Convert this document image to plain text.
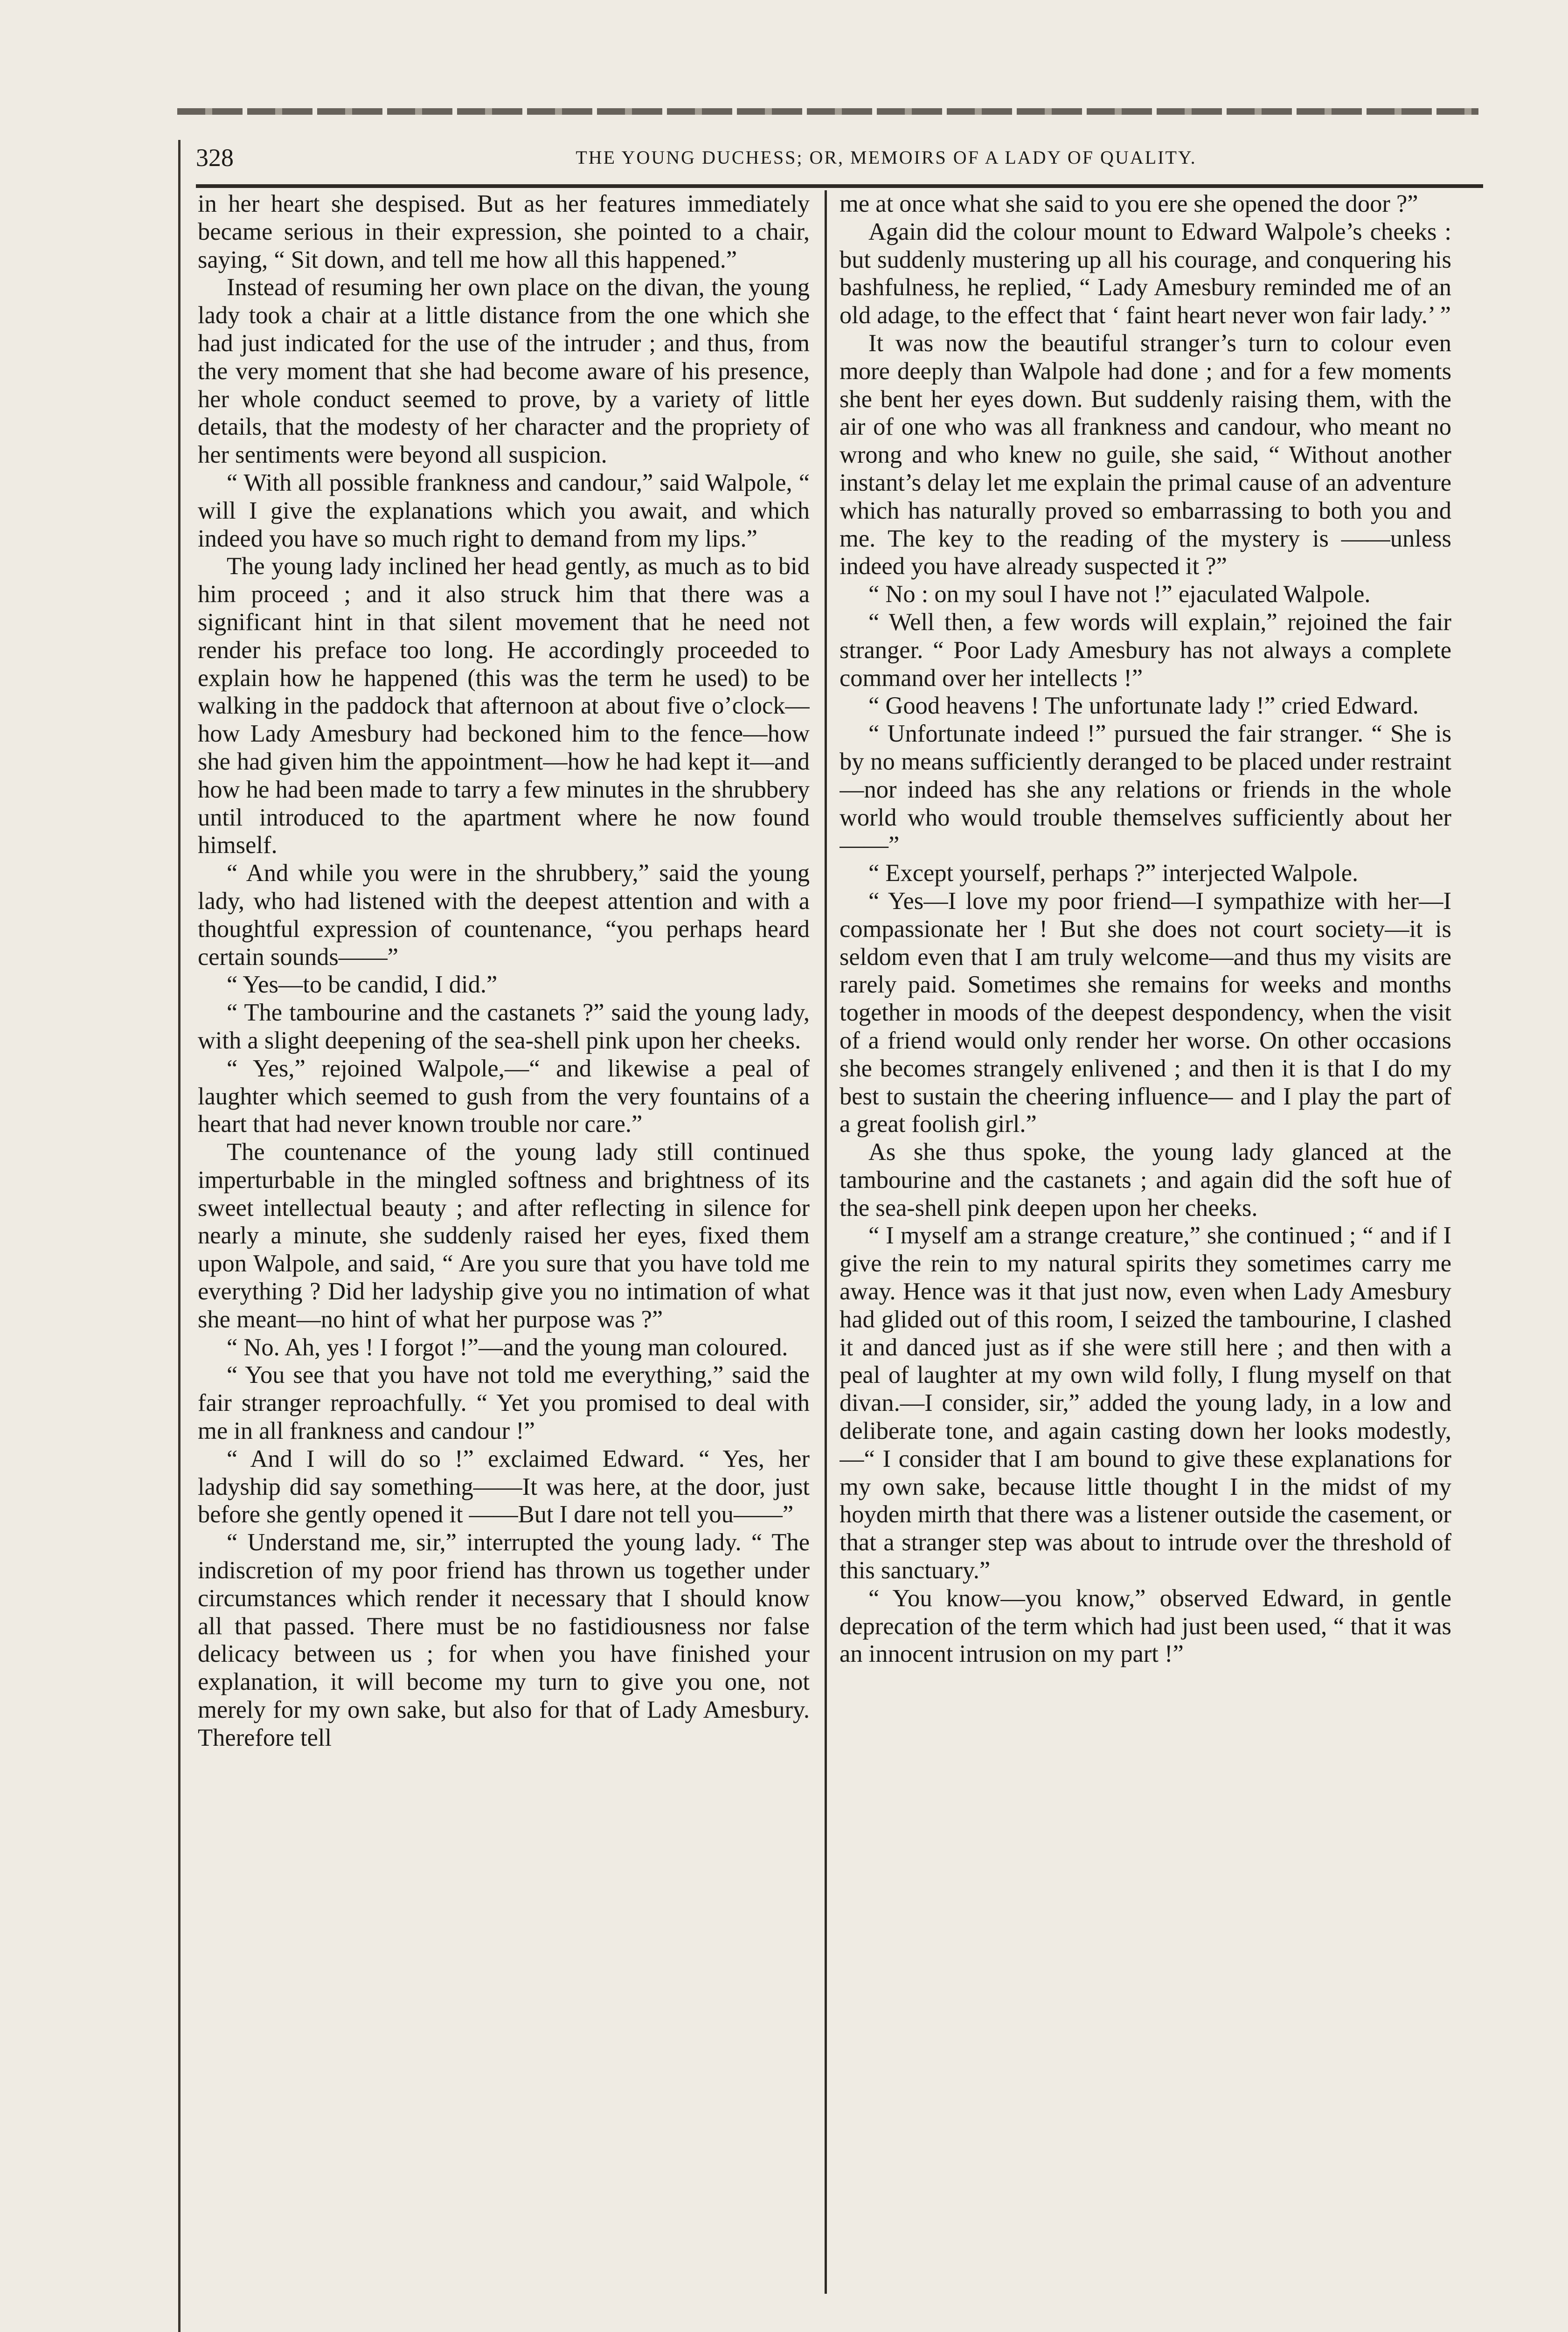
328	THE YOUNG DUCHESS; OR, MEMOIRS OF A LADY OF QUALITY.

in her heart she despised. But as her features immediately became serious in their expression, she pointed to a chair, saying, “ Sit down, and tell me how all this happened.”

Instead of resuming her own place on the divan, the young lady took a chair at a little distance from the one which she had just indicated for the use of the intruder ; and thus, from the very moment that she had become aware of his presence, her whole conduct seemed to prove, by a variety of little details, that the modesty of her character and the propriety of her sentiments were beyond all suspicion.

“ With all possible frankness and candour,” said Walpole, “ will I give the explanations which you await, and which indeed you have so much right to demand from my lips.”

The young lady inclined her head gently, as much as to bid him proceed ; and it also struck him that there was a significant hint in that silent movement that he need not render his preface too long. He accordingly proceeded to explain how he happened (this was the term he used) to be walking in the paddock that afternoon at about five o’clock—how Lady Amesbury had beckoned him to the fence—how she had given him the appointment—how he had kept it—and how he had been made to tarry a few minutes in the shrubbery until introduced to the apartment where he now found himself.

“ And while you were in the shrubbery,” said the young lady, who had listened with the deepest attention and with a thoughtful expression of countenance, “you perhaps heard certain sounds——”

“ Yes—to be candid, I did.”

“ The tambourine and the castanets ?” said the young lady, with a slight deepening of the sea-shell pink upon her cheeks.

“ Yes,” rejoined Walpole,—“ and likewise a peal of laughter which seemed to gush from the very fountains of a heart that had never known trouble nor care.”

The countenance of the young lady still continued imperturbable in the mingled softness and brightness of its sweet intellectual beauty ; and after reflecting in silence for nearly a minute, she suddenly raised her eyes, fixed them upon Walpole, and said, “ Are you sure that you have told me everything ? Did her ladyship give you no intimation of what she meant—no hint of what her purpose was ?”

“ No. Ah, yes ! I forgot !”—and the young man coloured.

“ You see that you have not told me everything,” said the fair stranger reproachfully. “ Yet you promised to deal with me in all frankness and candour !”

“ And I will do so !” exclaimed Edward. “ Yes, her ladyship did say something——It was here, at the door, just before she gently opened it ——But I dare not tell you——”

“ Understand me, sir,” interrupted the young lady. “ The indiscretion of my poor friend has thrown us together under circumstances which render it necessary that I should know all that passed. There must be no fastidiousness nor false delicacy between us ; for when you have finished your explanation, it will become my turn to give you one, not merely for my own sake, but also for that of Lady Amesbury. Therefore tell

me at once what she said to you ere she opened the door ?”

Again did the colour mount to Edward Walpole’s cheeks : but suddenly mustering up all his courage, and conquering his bashfulness, he replied, “ Lady Amesbury reminded me of an old adage, to the effect that ‘ faint heart never won fair lady.’ ”

It was now the beautiful stranger’s turn to colour even more deeply than Walpole had done ; and for a few moments she bent her eyes down. But suddenly raising them, with the air of one who was all frankness and candour, who meant no wrong and who knew no guile, she said, “ Without another instant’s delay let me explain the primal cause of an adventure which has naturally proved so embarrassing to both you and me. The key to the reading of the mystery is ——unless indeed you have already suspected it ?”

“ No : on my soul I have not !” ejaculated Walpole.

“ Well then, a few words will explain,” rejoined the fair stranger. “ Poor Lady Amesbury has not always a complete command over her intellects !”

“ Good heavens ! The unfortunate lady !” cried Edward.

“ Unfortunate indeed !” pursued the fair stranger. “ She is by no means sufficiently deranged to be placed under restraint—nor indeed has she any relations or friends in the whole world who would trouble themselves sufficiently about her——”

“ Except yourself, perhaps ?” interjected Walpole.

“ Yes—I love my poor friend—I sympathize with her—I compassionate her ! But she does not court society—it is seldom even that I am truly welcome—and thus my visits are rarely paid. Sometimes she remains for weeks and months together in moods of the deepest despondency, when the visit of a friend would only render her worse. On other occasions she becomes strangely enlivened ; and then it is that I do my best to sustain the cheering influence— and I play the part of a great foolish girl.”

As she thus spoke, the young lady glanced at the tambourine and the castanets ; and again did the soft hue of the sea-shell pink deepen upon her cheeks.

“ I myself am a strange creature,” she continued ; “ and if I give the rein to my natural spirits they sometimes carry me away. Hence was it that just now, even when Lady Amesbury had glided out of this room, I seized the tambourine, I clashed it and danced just as if she were still here ; and then with a peal of laughter at my own wild folly, I flung myself on that divan.—I consider, sir,” added the young lady, in a low and deliberate tone, and again casting down her looks modestly,—“ I consider that I am bound to give these explanations for my own sake, because little thought I in the midst of my hoyden mirth that there was a listener outside the casement, or that a stranger step was about to intrude over the threshold of this sanctuary.”

“ You know—you know,” observed Edward, in gentle deprecation of the term which had just been used, “ that it was an innocent intrusion on my part !”
